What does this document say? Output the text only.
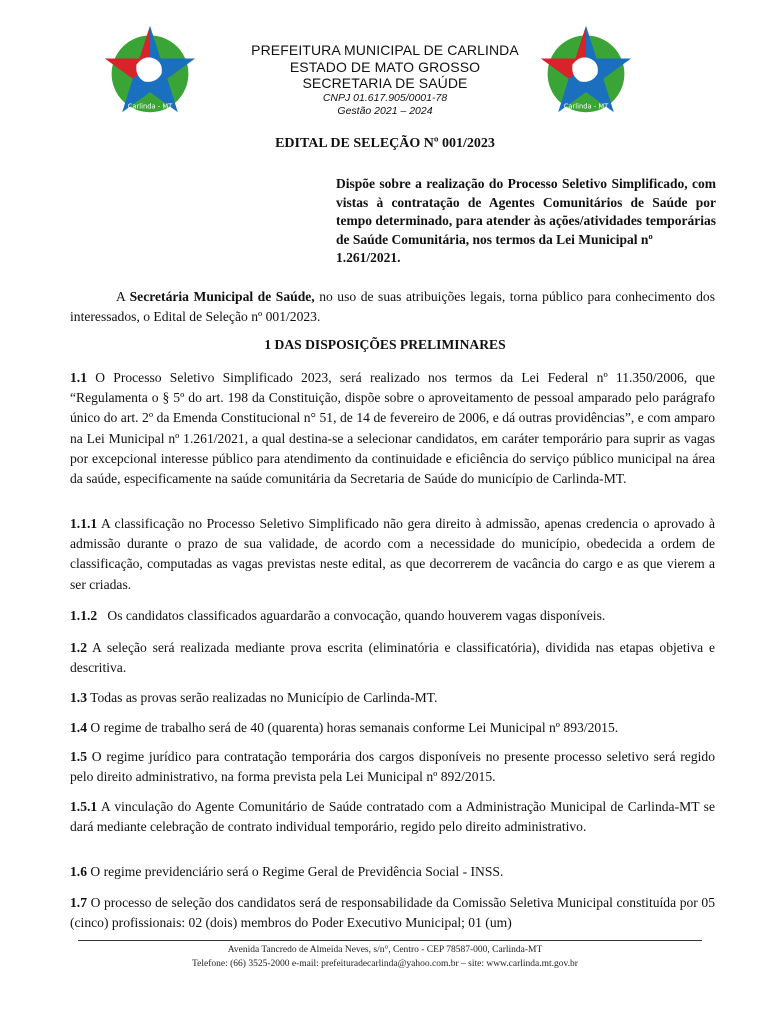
Carlinda - MT
PREFEITURA MUNICIPAL DE CARLINDA
ESTADO DE MATO GROSSO
SECRETARIA DE SAÚDE
CNPJ 01.617.905/0001-78
Gestão 2021 – 2024	Carlinda - MT
EDITAL DE SELEÇÃO Nº 001/2023
Dispõe sobre a realização do Processo Seletivo Simplificado, com vistas à contratação de Agentes Comunitários de Saúde por tempo determinado, para atender às ações/atividades temporárias de Saúde Comunitária, nos termos da Lei Municipal nº
1.261/2021.
A Secretária Municipal de Saúde, no uso de suas atribuições legais, torna público para conhecimento dos interessados, o Edital de Seleção nº 001/2023.
1 DAS DISPOSIÇÕES PRELIMINARES
1.1 O Processo Seletivo Simplificado 2023, será realizado nos termos da Lei Federal nº 11.350/2006, que “Regulamenta o § 5º do art. 198 da Constituição, dispõe sobre o aproveitamento de pessoal amparado pelo parágrafo único do art. 2º da Emenda Constitucional n° 51, de 14 de fevereiro de 2006, e dá outras providências”, e com amparo na Lei Municipal nº 1.261/2021, a qual destina-se a selecionar candidatos, em caráter temporário para suprir as vagas por excepcional interesse público para atendimento da continuidade e eficiência do serviço público municipal na área da saúde, especificamente na saúde comunitária da Secretaria de Saúde do município de Carlinda-MT.
1.1.1 A classificação no Processo Seletivo Simplificado não gera direito à admissão, apenas credencia o aprovado à admissão durante o prazo de sua validade, de acordo com a necessidade do município, obedecida a ordem de classificação, computadas as vagas previstas neste edital, as que decorrerem de vacância do cargo e as que vierem a ser criadas.
1.1.2   Os candidatos classificados aguardarão a convocação, quando houverem vagas disponíveis.
1.2 A seleção será realizada mediante prova escrita (eliminatória e classificatória), dividida nas etapas objetiva e descritiva.
1.3 Todas as provas serão realizadas no Município de Carlinda-MT.
1.4 O regime de trabalho será de 40 (quarenta) horas semanais conforme Lei Municipal nº 893/2015.
1.5 O regime jurídico para contratação temporária dos cargos disponíveis no presente processo seletivo será regido pelo direito administrativo, na forma prevista pela Lei Municipal nº 892/2015.
1.5.1 A vinculação do Agente Comunitário de Saúde contratado com a Administração Municipal de Carlinda-MT se dará mediante celebração de contrato individual temporário, regido pelo direito administrativo.
1.6 O regime previdenciário será o Regime Geral de Previdência Social - INSS.
1.7 O processo de seleção dos candidatos será de responsabilidade da Comissão Seletiva Municipal constituída por 05 (cinco) profissionais: 02 (dois) membros do Poder Executivo Municipal; 01 (um)
Avenida Tancredo de Almeida Neves, s/n°, Centro - CEP 78587-000, Carlinda-MT
Telefone: (66) 3525-2000 e-mail: prefeituradecarlinda@yahoo.com.br – site: www.carlinda.mt.gov.br
